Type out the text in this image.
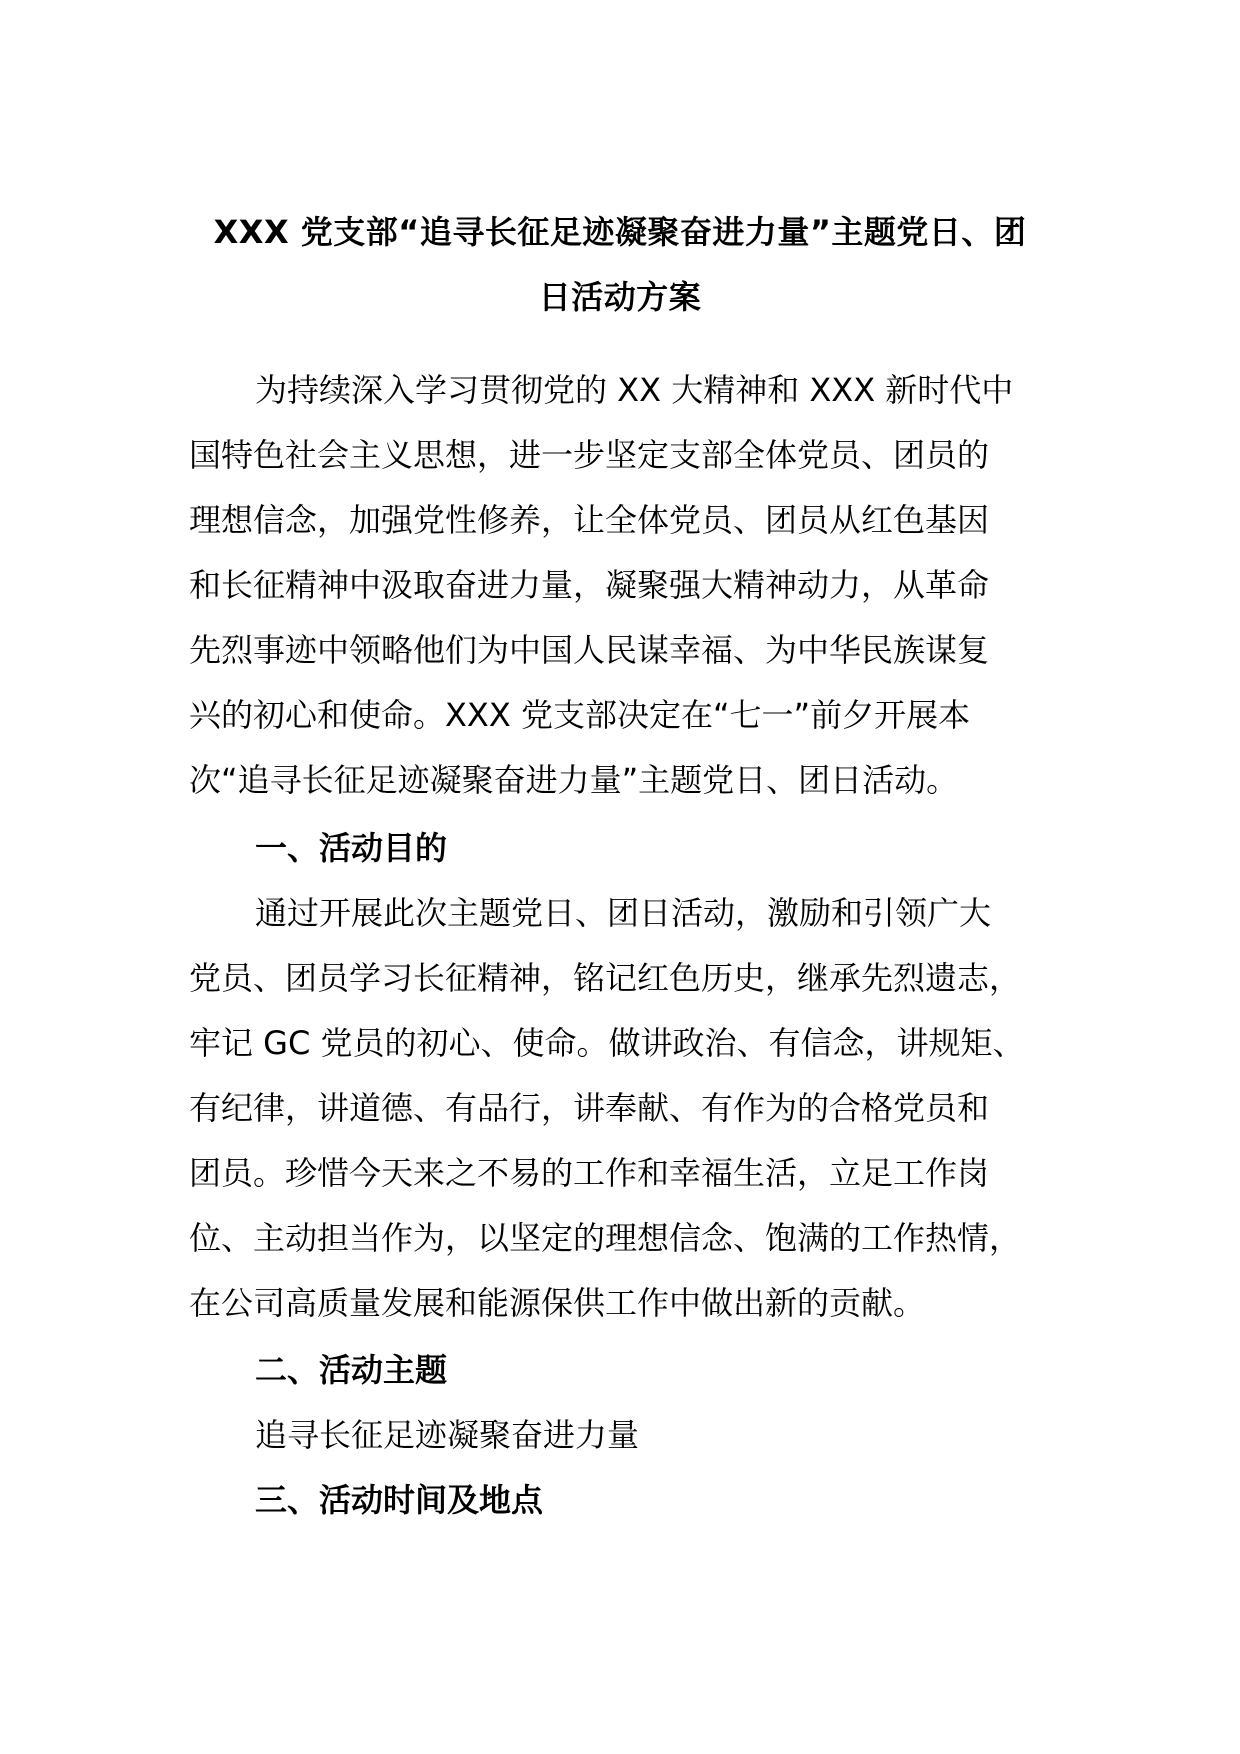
XXX 党支部“追寻长征足迹凝聚奋进力量”主题党日、团
日活动方案

为持续深入学习贯彻党的 XX 大精神和 XXX 新时代中
国特色社会主义思想，进一步坚定支部全体党员、团员的
理想信念，加强党性修养，让全体党员、团员从红色基因
和长征精神中汲取奋进力量，凝聚强大精神动力，从革命
先烈事迹中领略他们为中国人民谋幸福、为中华民族谋复
兴的初心和使命。XXX 党支部决定在“七一”前夕开展本
次“追寻长征足迹凝聚奋进力量”主题党日、团日活动。

一、活动目的

通过开展此次主题党日、团日活动，激励和引领广大
党员、团员学习长征精神，铭记红色历史，继承先烈遗志，
牢记 GC 党员的初心、使命。做讲政治、有信念，讲规矩、
有纪律，讲道德、有品行，讲奉献、有作为的合格党员和
团员。珍惜今天来之不易的工作和幸福生活，立足工作岗
位、主动担当作为，以坚定的理想信念、饱满的工作热情，
在公司高质量发展和能源保供工作中做出新的贡献。

二、活动主题

追寻长征足迹凝聚奋进力量

三、活动时间及地点
